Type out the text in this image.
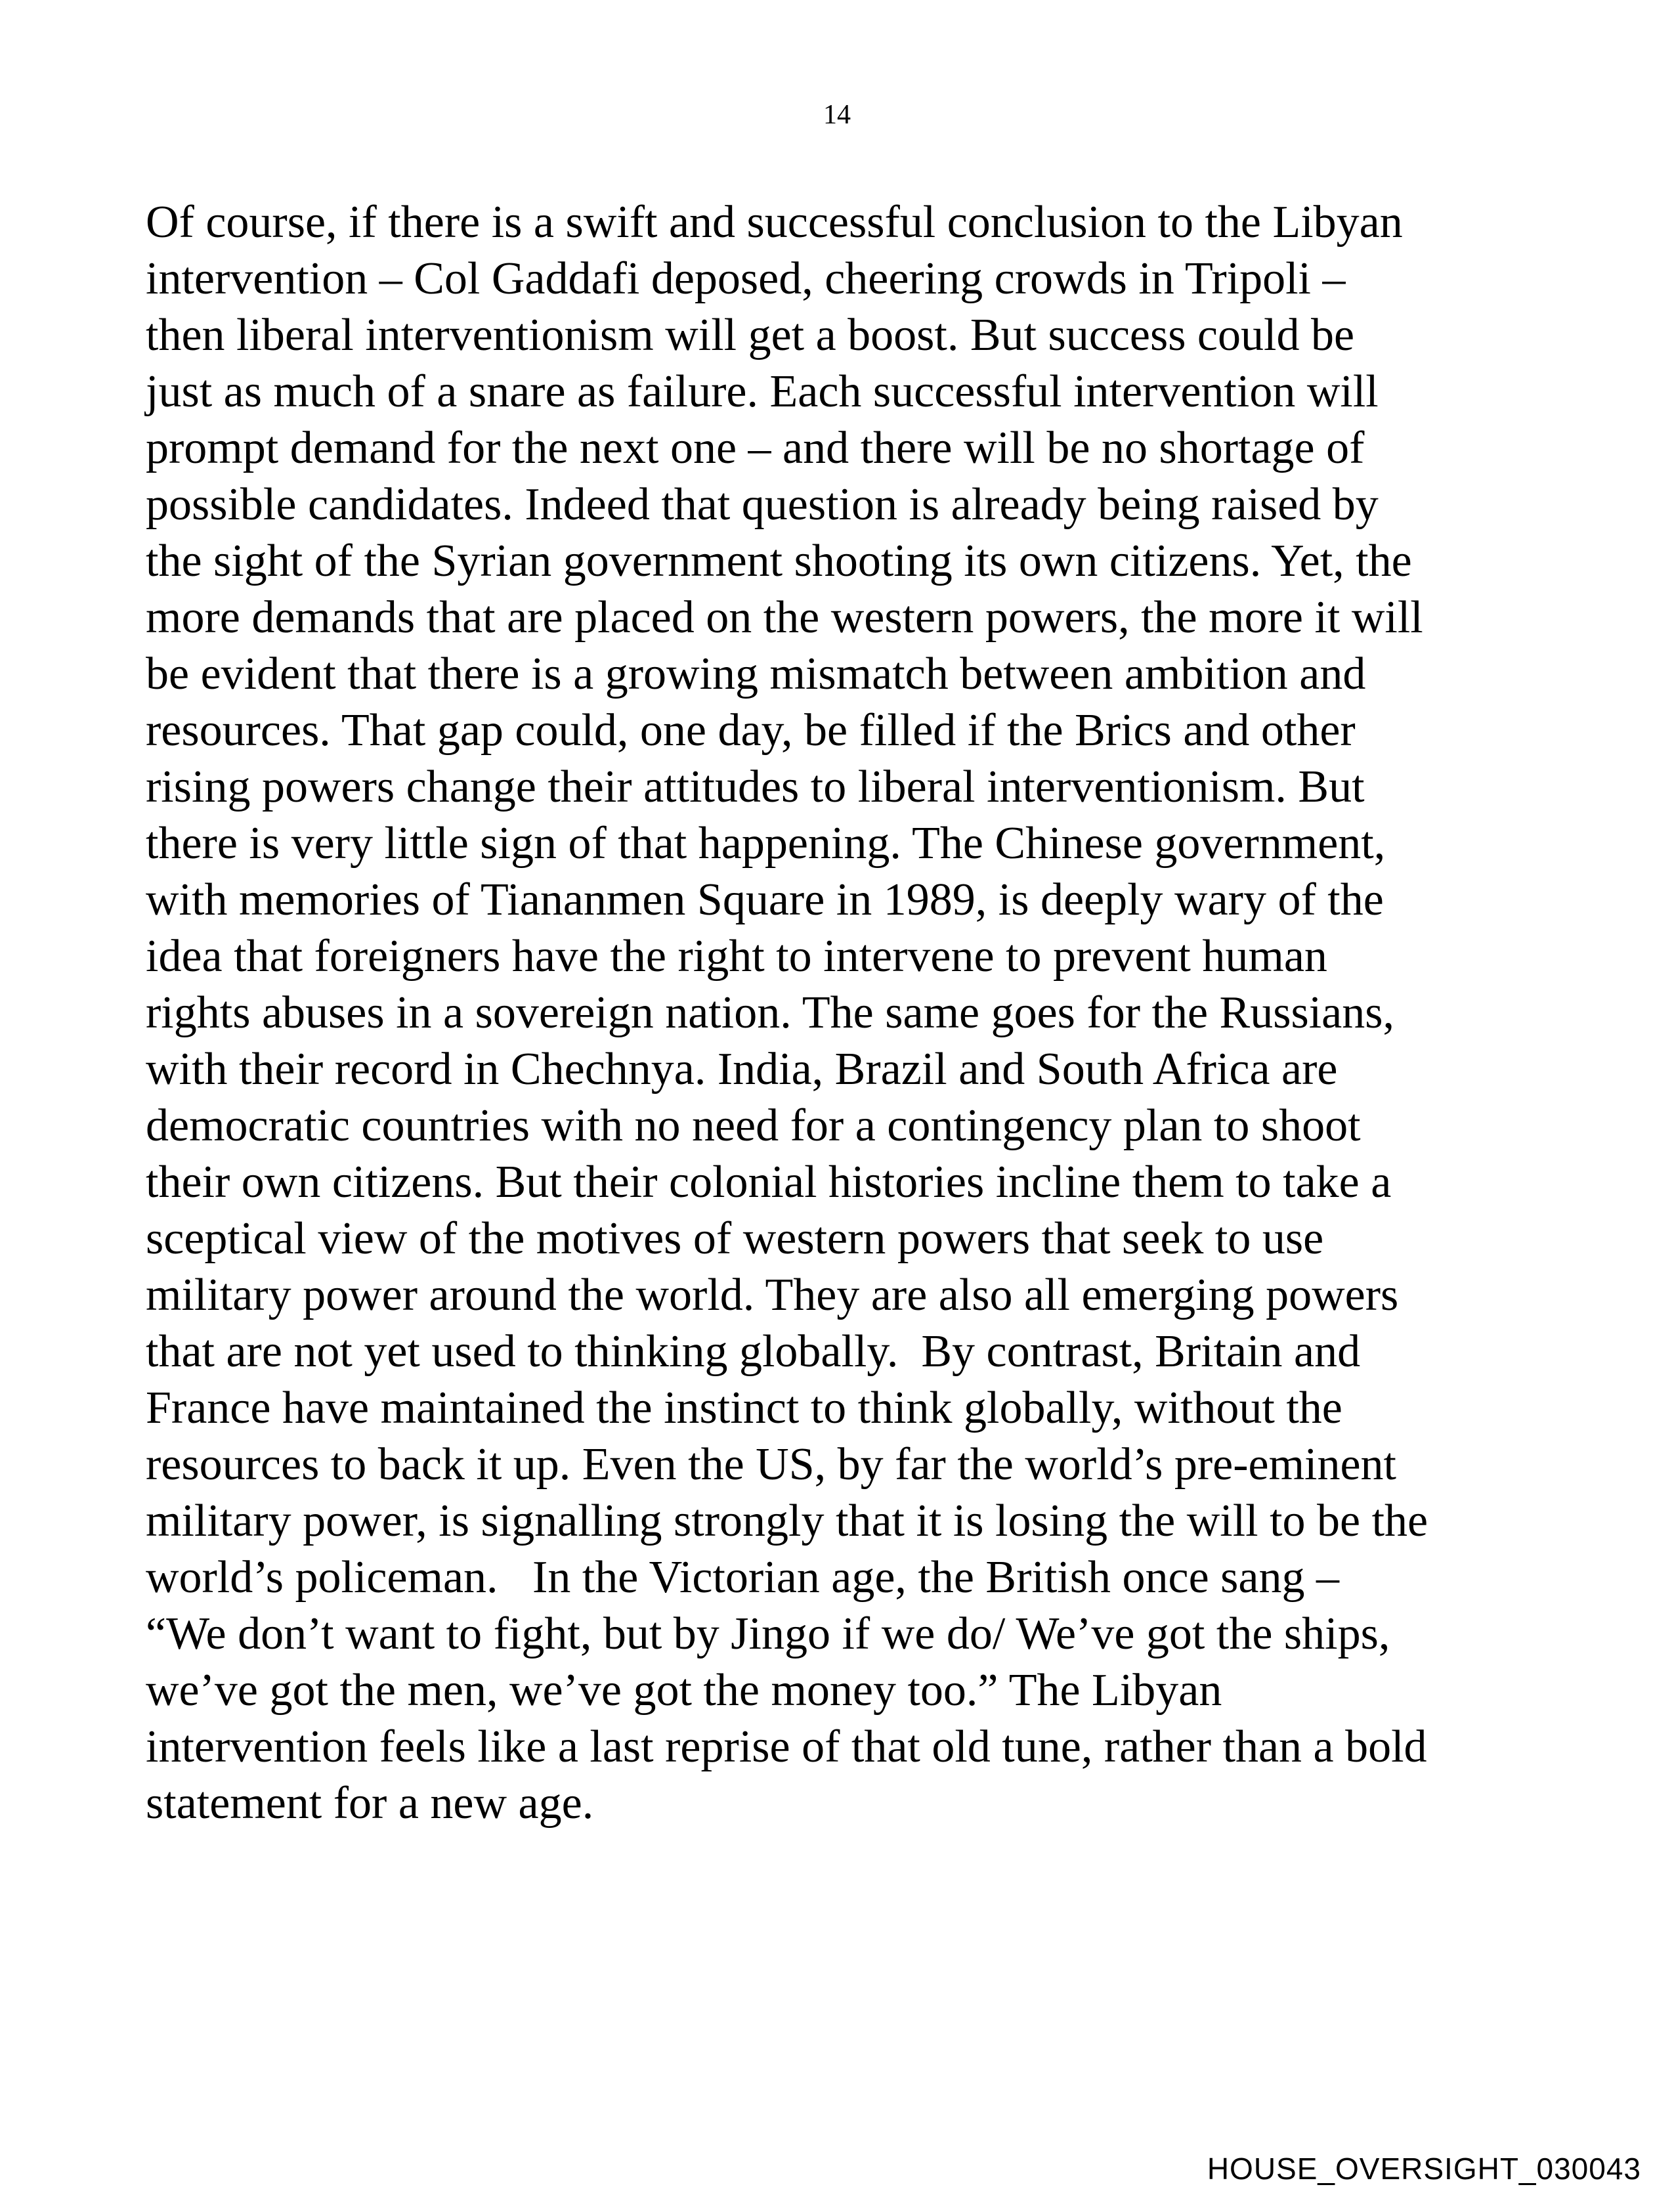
14
Of course, if there is a swift and successful conclusion to the Libyan
intervention – Col Gaddafi deposed, cheering crowds in Tripoli –
then liberal interventionism will get a boost. But success could be
just as much of a snare as failure. Each successful intervention will
prompt demand for the next one – and there will be no shortage of
possible candidates. Indeed that question is already being raised by
the sight of the Syrian government shooting its own citizens. Yet, the
more demands that are placed on the western powers, the more it will
be evident that there is a growing mismatch between ambition and
resources. That gap could, one day, be filled if the Brics and other
rising powers change their attitudes to liberal interventionism. But
there is very little sign of that happening. The Chinese government,
with memories of Tiananmen Square in 1989, is deeply wary of the
idea that foreigners have the right to intervene to prevent human
rights abuses in a sovereign nation. The same goes for the Russians,
with their record in Chechnya. India, Brazil and South Africa are
democratic countries with no need for a contingency plan to shoot
their own citizens. But their colonial histories incline them to take a
sceptical view of the motives of western powers that seek to use
military power around the world. They are also all emerging powers
that are not yet used to thinking globally.  By contrast, Britain and
France have maintained the instinct to think globally, without the
resources to back it up. Even the US, by far the world’s pre-eminent
military power, is signalling strongly that it is losing the will to be the
world’s policeman.   In the Victorian age, the British once sang –
“We don’t want to fight, but by Jingo if we do/ We’ve got the ships,
we’ve got the men, we’ve got the money too.” The Libyan
intervention feels like a last reprise of that old tune, rather than a bold
statement for a new age.
HOUSE_OVERSIGHT_030043
